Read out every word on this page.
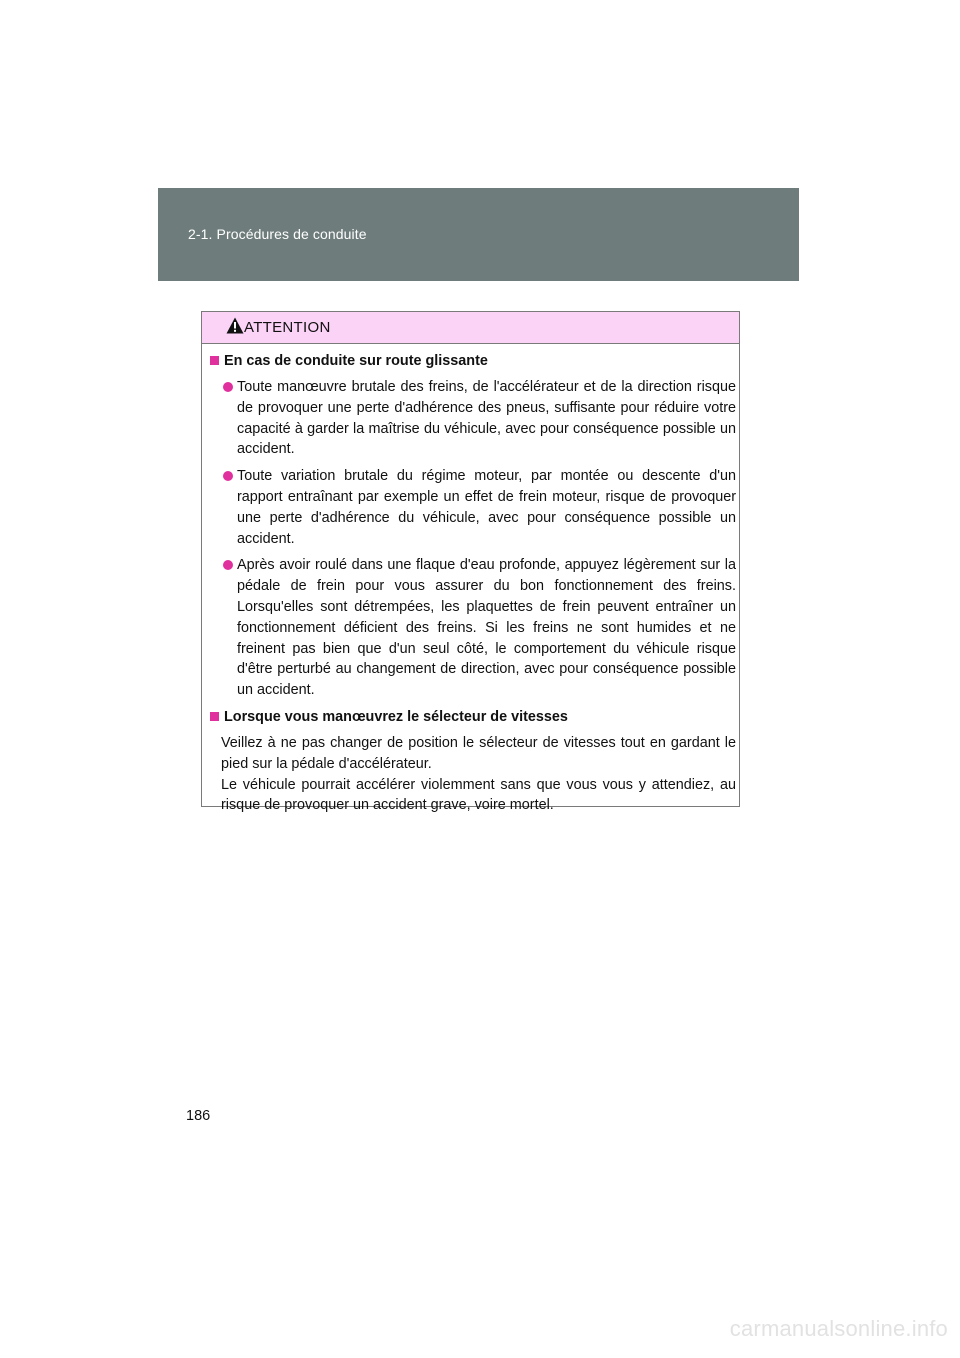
2-1. Procédures de conduite
ATTENTION
En cas de conduite sur route glissante
Toute manœuvre brutale des freins, de l'accélérateur et de la direction risque de provoquer une perte d'adhérence des pneus, suffisante pour réduire votre capacité à garder la maîtrise du véhicule, avec pour conséquence possible un accident.
Toute variation brutale du régime moteur, par montée ou descente d'un rapport entraînant par exemple un effet de frein moteur, risque de provoquer une perte d'adhérence du véhicule, avec pour conséquence possible un accident.
Après avoir roulé dans une flaque d'eau profonde, appuyez légèrement sur la pédale de frein pour vous assurer du bon fonctionnement des freins. Lorsqu'elles sont détrempées, les plaquettes de frein peuvent entraîner un fonctionnement déficient des freins. Si les freins ne sont humides et ne freinent pas bien que d'un seul côté, le comportement du véhicule risque d'être perturbé au changement de direction, avec pour conséquence possible un accident.
Lorsque vous manœuvrez le sélecteur de vitesses
Veillez à ne pas changer de position le sélecteur de vitesses tout en gardant le pied sur la pédale d'accélérateur.
Le véhicule pourrait accélérer violemment sans que vous vous y attendiez, au risque de provoquer un accident grave, voire mortel.
186
carmanualsonline.info
